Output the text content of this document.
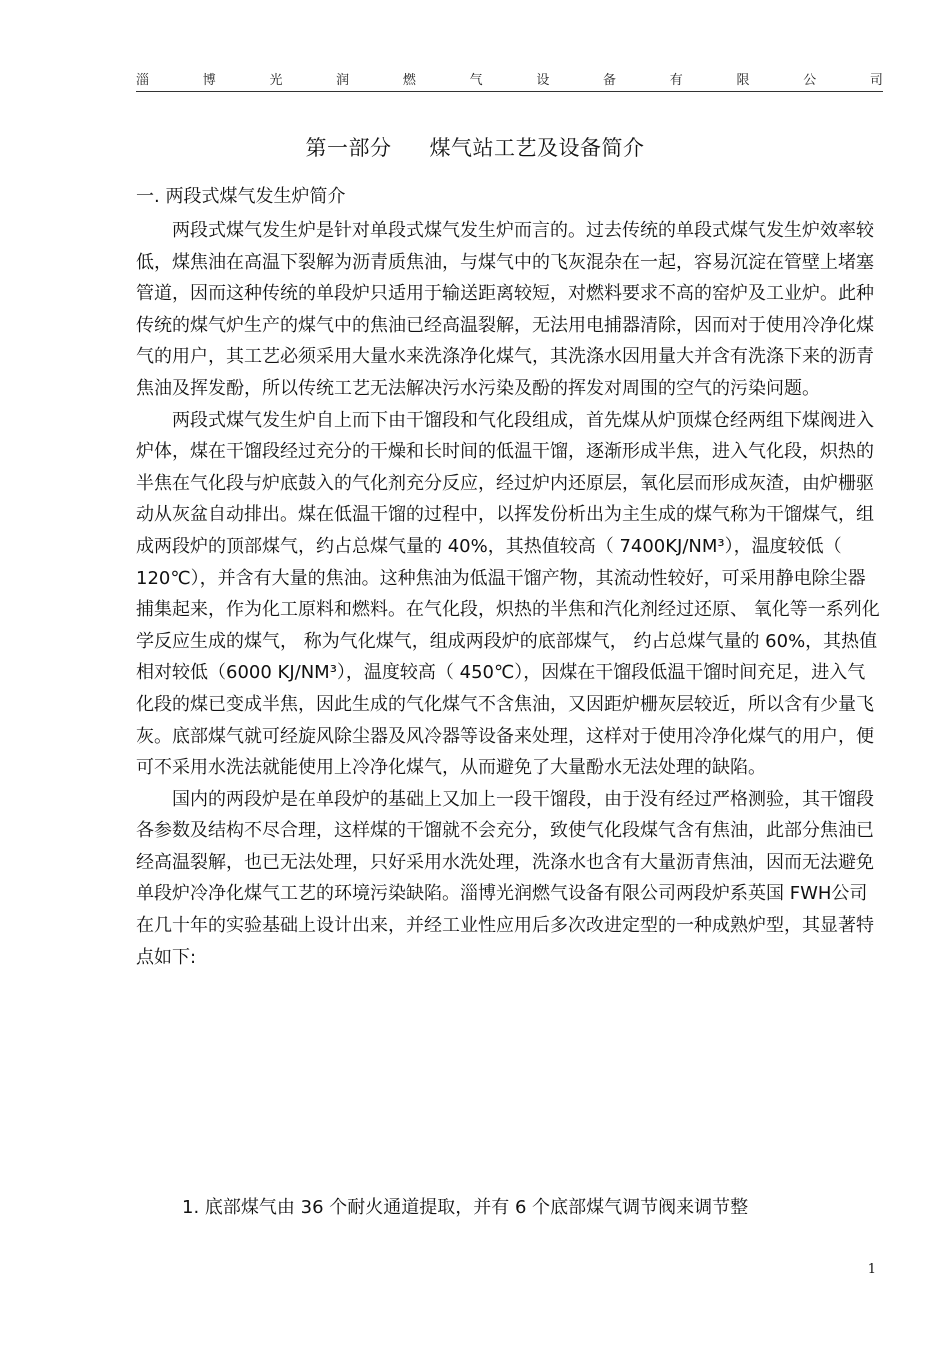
淄	博	光	润	燃	气	设	备	有	限	公	司
第一部分 煤气站工艺及设备简介
一. 两段式煤气发生炉简介

两段式煤气发生炉是针对单段式煤气发生炉而言的。过去传统的单段式煤气发生炉效率较低，煤焦油在高温下裂解为沥青质焦油，与煤气中的飞灰混杂在一起，容易沉淀在管壁上堵塞管道，因而这种传统的单段炉只适用于输送距离较短，对燃料要求不高的窑炉及工业炉。此种传统的煤气炉生产的煤气中的焦油已经高温裂解，无法用电捕器清除，因而对于使用冷净化煤气的用户，其工艺必须采用大量水来洗涤净化煤气，其洗涤水因用量大并含有洗涤下来的沥青焦油及挥发酚，所以传统工艺无法解决污水污染及酚的挥发对周围的空气的污染问题。

两段式煤气发生炉自上而下由干馏段和气化段组成，首先煤从炉顶煤仓经两组下煤阀进入炉体，煤在干馏段经过充分的干燥和长时间的低温干馏，逐渐形成半焦，进入气化段，炽热的半焦在气化段与炉底鼓入的气化剂充分反应，经过炉内还原层，氧化层而形成灰渣，由炉栅驱动从灰盆自动排出。煤在低温干馏的过程中，以挥发份析出为主生成的煤气称为干馏煤气，组成两段炉的顶部煤气，约占总煤气量的 40%，其热值较高（ 7400KJ/NM³），温度较低（ 120℃），并含有大量的焦油。这种焦油为低温干馏产物，其流动性较好，可采用静电除尘器捕集起来，作为化工原料和燃料。在气化段，炽热的半焦和汽化剂经过还原、 氧化等一系列化学反应生成的煤气， 称为气化煤气，组成两段炉的底部煤气， 约占总煤气量的 60%，其热值相对较低（6000 KJ/NM³），温度较高（ 450℃），因煤在干馏段低温干馏时间充足，进入气化段的煤已变成半焦，因此生成的气化煤气不含焦油，又因距炉栅灰层较近，所以含有少量飞灰。底部煤气就可经旋风除尘器及风冷器等设备来处理，这样对于使用冷净化煤气的用户，便可不采用水洗法就能使用上冷净化煤气，从而避免了大量酚水无法处理的缺陷。

国内的两段炉是在单段炉的基础上又加上一段干馏段，由于没有经过严格测验，其干馏段各参数及结构不尽合理，这样煤的干馏就不会充分，致使气化段煤气含有焦油，此部分焦油已经高温裂解，也已无法处理，只好采用水洗处理，洗涤水也含有大量沥青焦油，因而无法避免单段炉冷净化煤气工艺的环境污染缺陷。淄博光润燃气设备有限公司两段炉系英国 FWH公司在几十年的实验基础上设计出来，并经工业性应用后多次改进定型的一种成熟炉型，其显著特点如下:

1. 底部煤气由 36 个耐火通道提取，并有 6 个底部煤气调节阀来调节整
1
